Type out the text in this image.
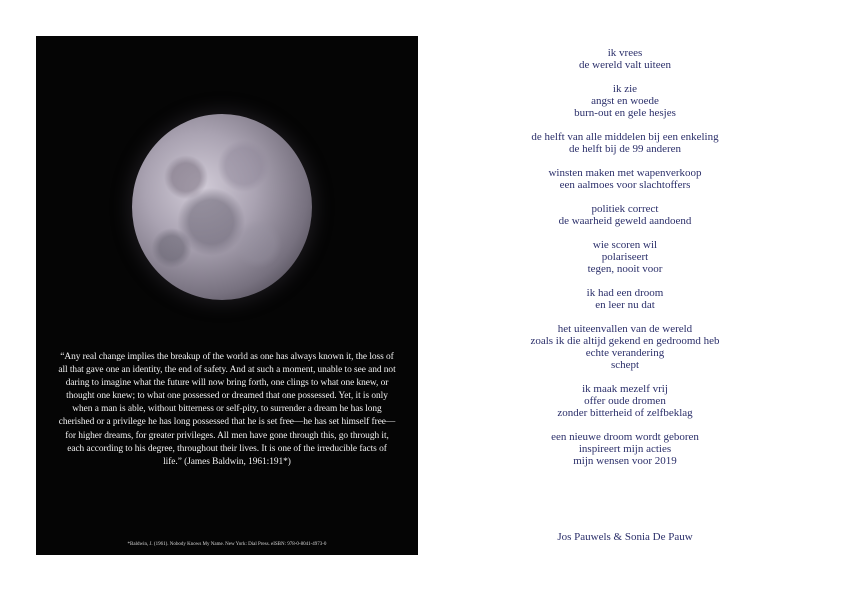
“Any real change implies the breakup of the world as one has always known it, the loss of all that gave one an identity, the end of safety. And at such a moment, unable to see and not daring to imagine what the future will now bring forth, one clings to what one knew, or thought one knew; to what one possessed or dreamed that one possessed. Yet, it is only when a man is able, without bitterness or self-pity, to surrender a dream he has long cherished or a privilege he has long possessed that he is set free—he has set himself free—for higher dreams, for greater privileges. All men have gone through this, go through it, each according to his degree, throughout their lives. It is one of the irreducible facts of life.” (James Baldwin, 1961:191*)

*Baldwin, J. (1961). Nobody Knows My Name. New York: Dial Press. eISBN: 978-0-8041-4973-0

ik vrees
de wereld valt uiteen
ik zie
angst en woede
burn-out en gele hesjes
de helft van alle middelen bij een enkeling
de helft bij de 99 anderen
winsten maken met wapenverkoop
een aalmoes voor slachtoffers
politiek correct
de waarheid geweld aandoend
wie scoren wil
polariseert
tegen, nooit voor
ik had een droom
en leer nu dat
het uiteenvallen van de wereld
zoals ik die altijd gekend en gedroomd heb
echte verandering
schept
ik maak mezelf vrij
offer oude dromen
zonder bitterheid of zelfbeklag
een nieuwe droom wordt geboren
inspireert mijn acties
mijn wensen voor 2019

Jos Pauwels & Sonia De Pauw
